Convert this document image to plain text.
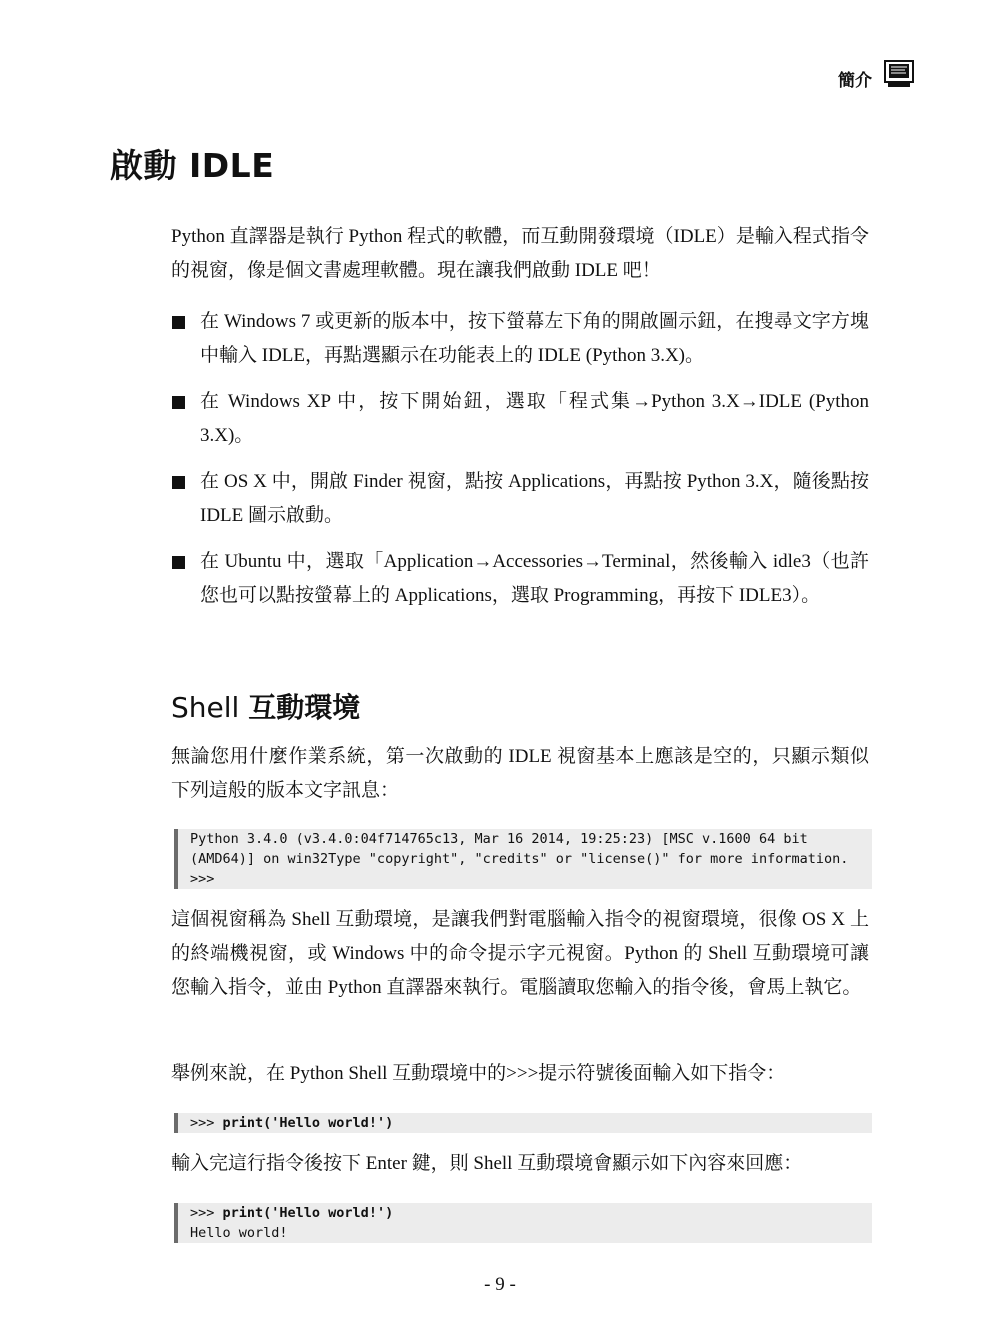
簡介
啟動 IDLE
Python 直譯器是執行 Python 程式的軟體，而互動開發環境（IDLE）是輸入程式指令的視窗，像是個文書處理軟體。現在讓我們啟動 IDLE 吧！
在 Windows 7 或更新的版本中，按下螢幕左下角的開啟圖示鈕，在搜尋文字方塊中輸入 IDLE，再點選顯示在功能表上的 IDLE (Python 3.X)。
在 Windows XP 中，按下開始鈕，選取「程式集→Python 3.X→IDLE (Python 3.X)。
在 OS X 中，開啟 Finder 視窗，點按 Applications，再點按 Python 3.X，隨後點按 IDLE 圖示啟動。
在 Ubuntu 中，選取「Application→Accessories→Terminal，然後輸入 idle3（也許您也可以點按螢幕上的 Applications，選取 Programming，再按下 IDLE3）。
Shell 互動環境
無論您用什麼作業系統，第一次啟動的 IDLE 視窗基本上應該是空的，只顯示類似下列這般的版本文字訊息：
Python 3.4.0 (v3.4.0:04f714765c13, Mar 16 2014, 19:25:23) [MSC v.1600 64 bit
(AMD64)] on win32Type "copyright", "credits" or "license()" for more information.
>>>
這個視窗稱為 Shell 互動環境，是讓我們對電腦輸入指令的視窗環境，很像 OS X 上的終端機視窗，或 Windows 中的命令提示字元視窗。Python 的 Shell 互動環境可讓您輸入指令，並由 Python 直譯器來執行。電腦讀取您輸入的指令後，會馬上執它。
舉例來說，在 Python Shell 互動環境中的>>>提示符號後面輸入如下指令：
>>> print('Hello world!')
輸入完這行指令後按下 Enter 鍵，則 Shell 互動環境會顯示如下內容來回應：
>>> print('Hello world!')
Hello world!
- 9 -
